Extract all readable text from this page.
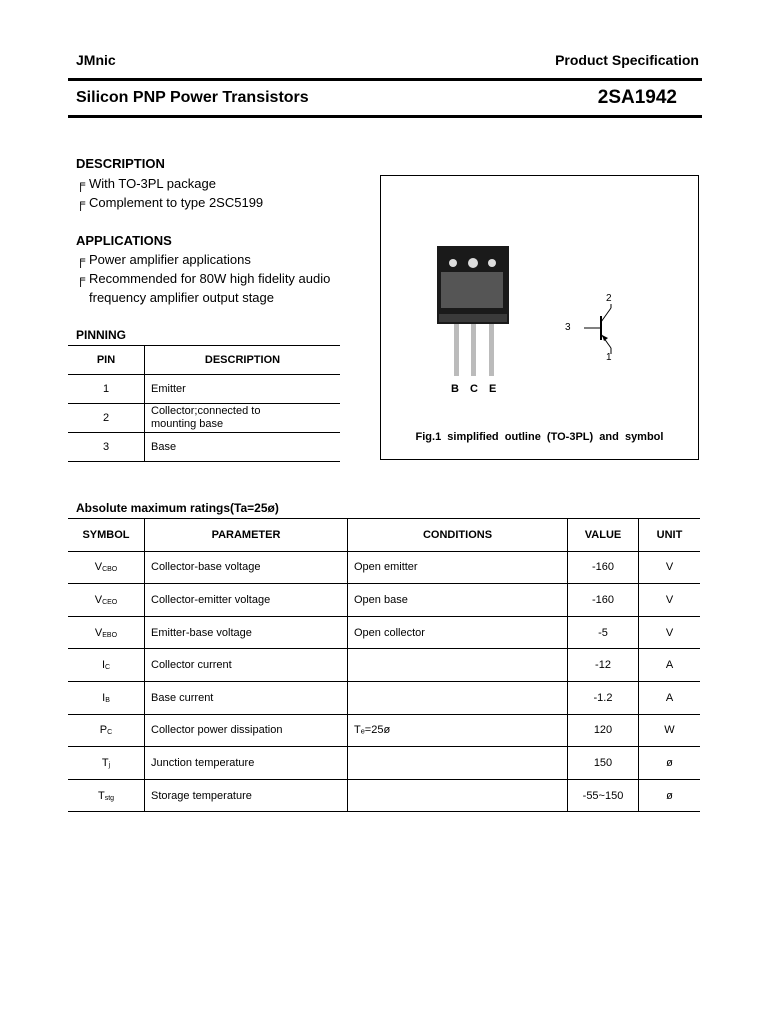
JMnic	Product Specification
Silicon PNP Power Transistors	2SA1942
DESCRIPTION
╒ With TO-3PL package
╒ Complement to type 2SC5199
APPLICATIONS
╒ Power amplifier applications
╒ Recommended for 80W high fidelity audio
frequency amplifier output stage
PINNING
PIN	DESCRIPTION
1	Emitter
2	Collector;connected to
mounting base
3	Base
B C E
2
3
1
Fig.1  simplified  outline  (TO-3PL)  and  symbol
Absolute maximum ratings(Ta=25ø)
SYMBOL	PARAMETER	CONDITIONS	VALUE	UNIT
VCBO	Collector-base voltage	Open emitter	-160	V
VCEO	Collector-emitter voltage	Open base	-160	V
VEBO	Emitter-base voltage	Open collector	-5	V
IC	Collector current		-12	A
IB	Base current		-1.2	A
PC	Collector power dissipation	Tₑ=25ø	120	W
Tj	Junction temperature		150	ø
Tstg	Storage temperature		-55~150	ø
